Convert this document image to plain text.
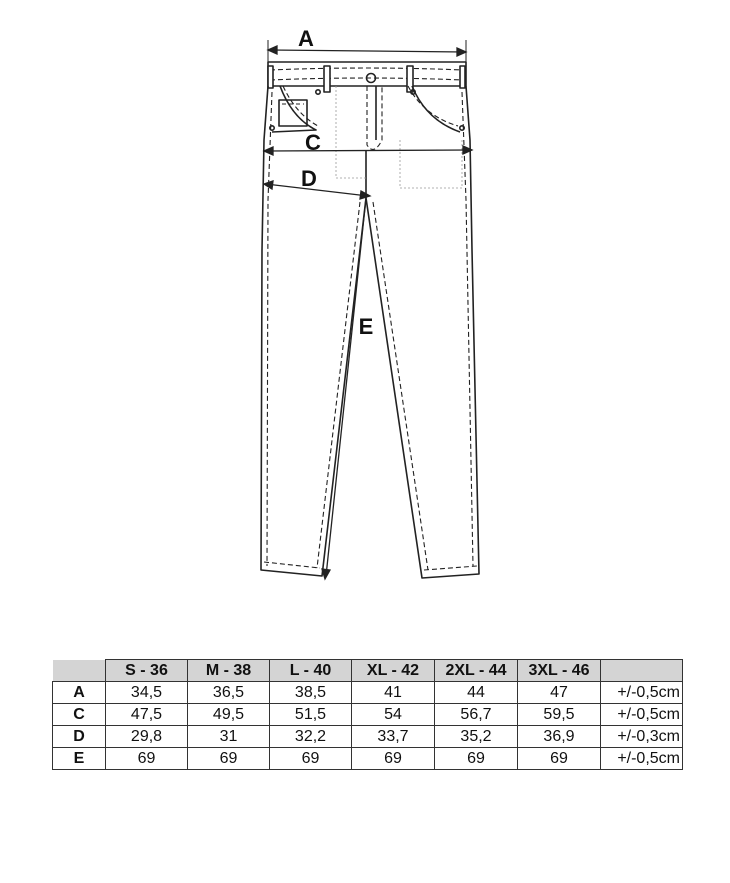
A
C
D
E
	S - 36	M - 38	L - 40	XL - 42	2XL - 44	3XL - 46	
A	34,5	36,5	38,5	41	44	47	+/-0,5cm
C	47,5	49,5	51,5	54	56,7	59,5	+/-0,5cm
D	29,8	31	32,2	33,7	35,2	36,9	+/-0,3cm
E	69	69	69	69	69	69	+/-0,5cm
